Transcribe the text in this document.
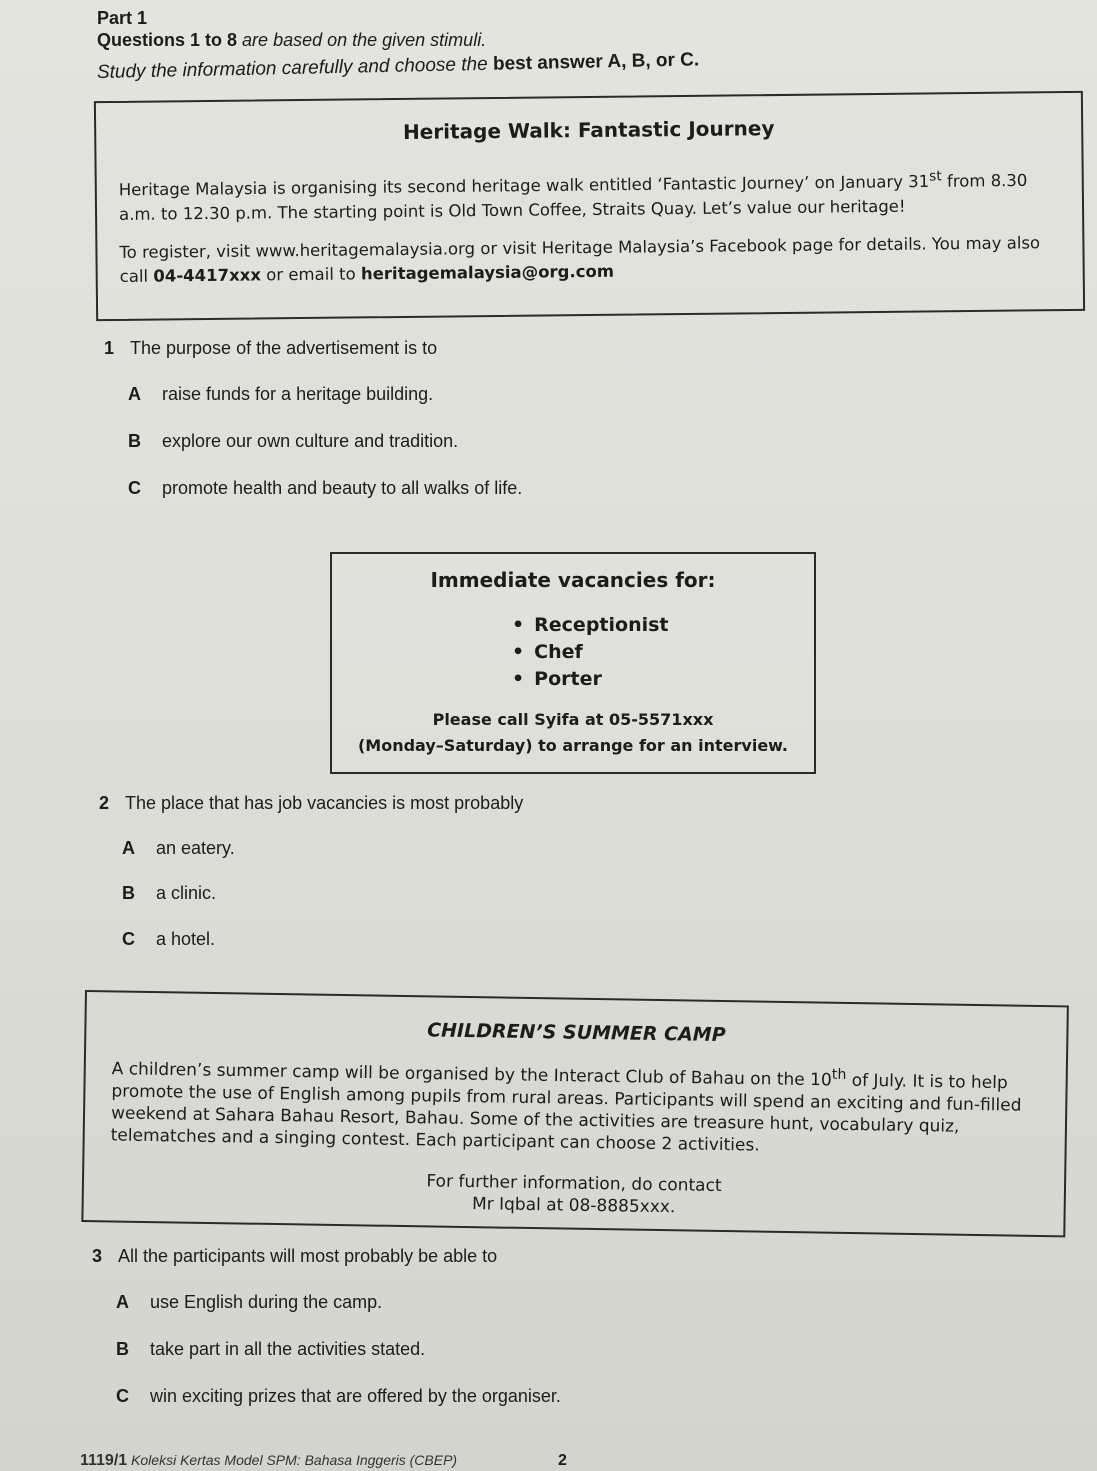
Part 1
Questions 1 to 8 are based on the given stimuli.
Study the information carefully and choose the best answer A, B, or C.
Heritage Walk: Fantastic Journey

Heritage Malaysia is organising its second heritage walk entitled ‘Fantastic Journey’ on January 31st from 8.30 a.m. to 12.30 p.m. The starting point is Old Town Coffee, Straits Quay. Let’s value our heritage!

To register, visit www.heritagemalaysia.org or visit Heritage Malaysia’s Facebook page for details. You may also call 04-4417xxx or email to heritagemalaysia@org.com

1 The purpose of the advertisement is to
A raise funds for a heritage building.
B explore our own culture and tradition.
C promote health and beauty to all walks of life.
Immediate vacancies for:
• Receptionist
• Chef
• Porter
Please call Syifa at 05-5571xxx
(Monday–Saturday) to arrange for an interview.
2 The place that has job vacancies is most probably
A an eatery.
B a clinic.
C a hotel.
CHILDREN’S SUMMER CAMP

A children’s summer camp will be organised by the Interact Club of Bahau on the 10th of July. It is to help promote the use of English among pupils from rural areas. Participants will spend an exciting and fun-filled weekend at Sahara Bahau Resort, Bahau. Some of the activities are treasure hunt, vocabulary quiz, telematches and a singing contest. Each participant can choose 2 activities.

For further information, do contact
Mr Iqbal at 08-8885xxx.
3 All the participants will most probably be able to
A use English during the camp.
B take part in all the activities stated.
C win exciting prizes that are offered by the organiser.
1119/1 Koleksi Kertas Model SPM: Bahasa Inggeris (CBEP)	2
